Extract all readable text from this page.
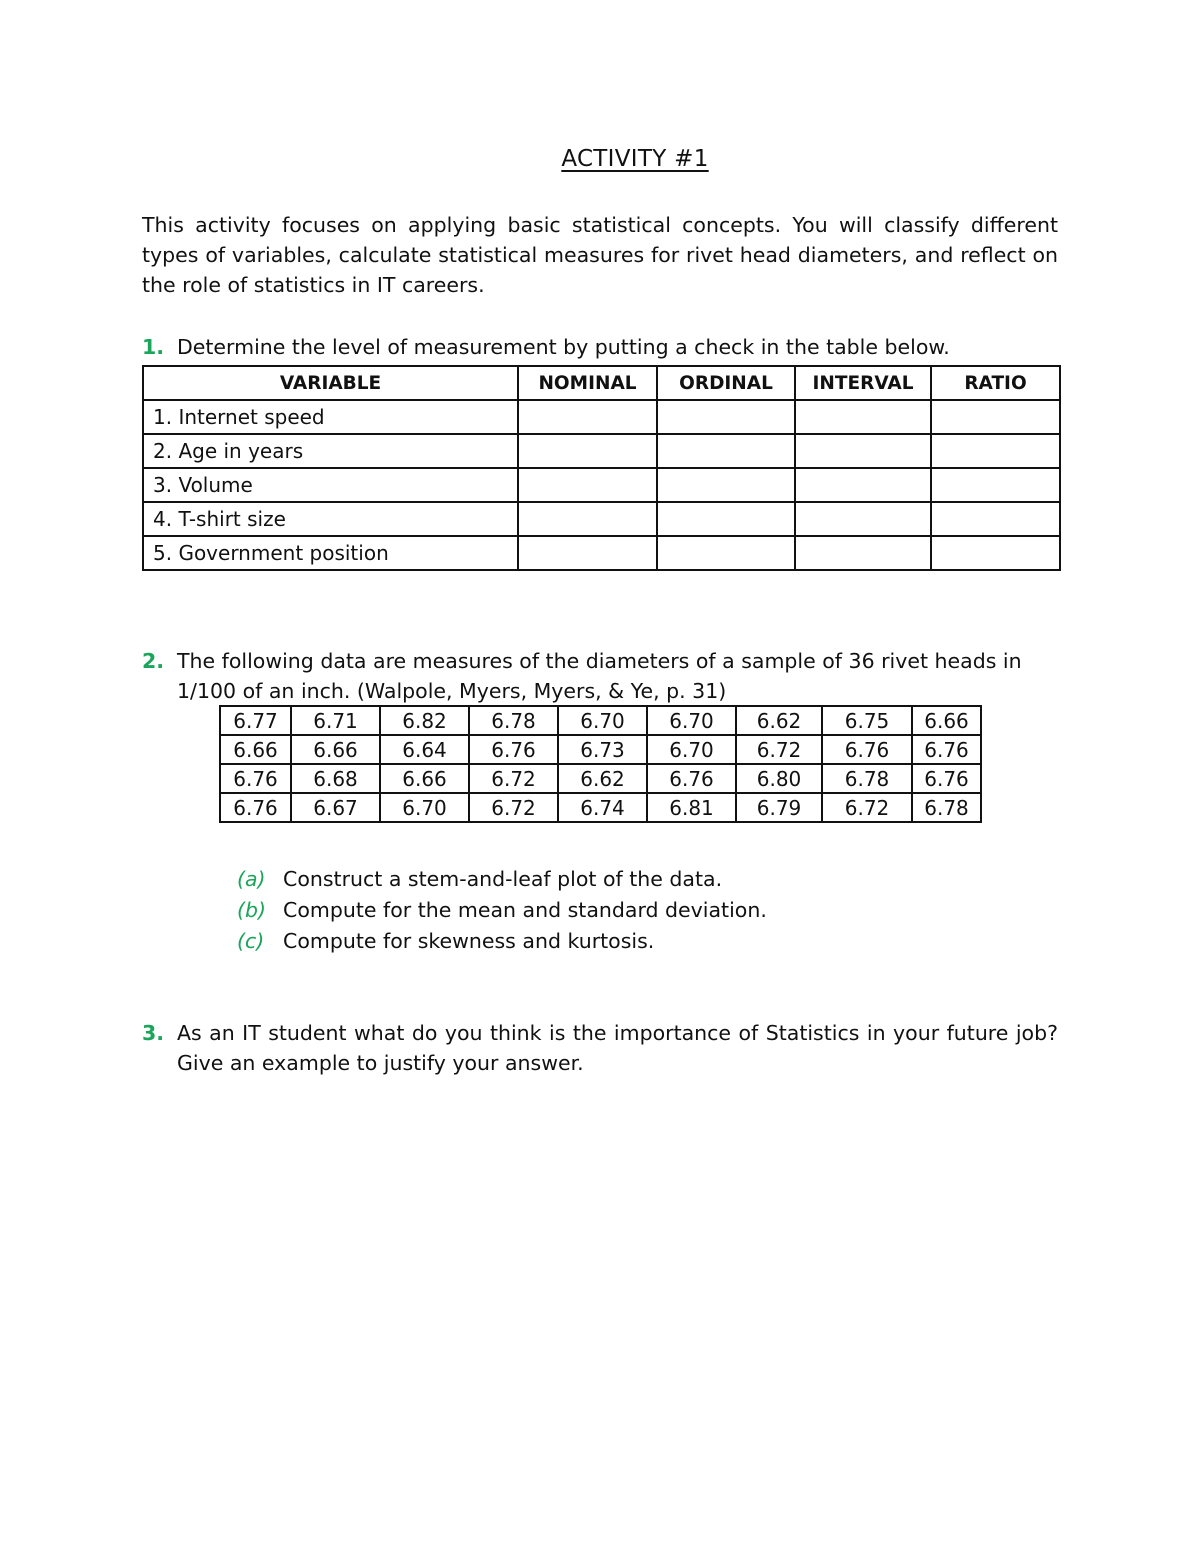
ACTIVITY #1
This activity focuses on applying basic statistical concepts. You will classify different types of variables, calculate statistical measures for rivet head diameters, and reflect on the role of statistics in IT careers.
1. Determine the level of measurement by putting a check in the table below.
VARIABLE	NOMINAL	ORDINAL	INTERVAL	RATIO
1. Internet speed				
2. Age in years				
3. Volume				
4. T-shirt size				
5. Government position				
2. The following data are measures of the diameters of a sample of 36 rivet heads in 1/100 of an inch. (Walpole, Myers, Myers, & Ye, p. 31)
6.77	6.71	6.82	6.78	6.70	6.70	6.62	6.75	6.66
6.66	6.66	6.64	6.76	6.73	6.70	6.72	6.76	6.76
6.76	6.68	6.66	6.72	6.62	6.76	6.80	6.78	6.76
6.76	6.67	6.70	6.72	6.74	6.81	6.79	6.72	6.78
(a) Construct a stem-and-leaf plot of the data.
(b) Compute for the mean and standard deviation.
(c) Compute for skewness and kurtosis.
3. As an IT student what do you think is the importance of Statistics in your future job? Give an example to justify your answer.
